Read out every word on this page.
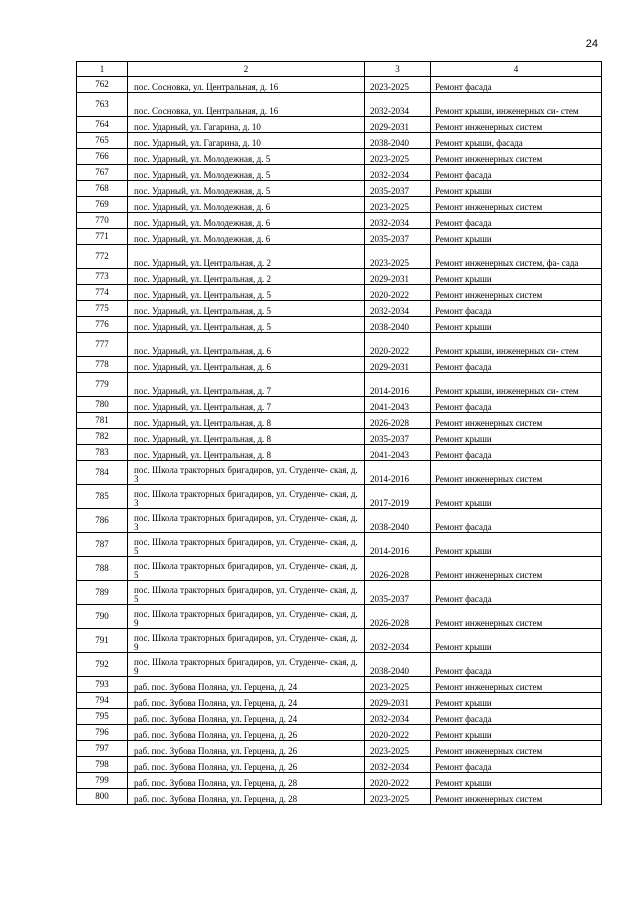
24
1	2	3	4
762	пос. Сосновка, ул. Центральная, д. 16	2023-2025	Ремонт фасада
763	пос. Сосновка, ул. Центральная, д. 16	2032-2034	Ремонт крыши, инженерных си- стем
764	пос. Ударный, ул. Гагарина, д. 10	2029-2031	Ремонт инженерных систем
765	пос. Ударный, ул. Гагарина, д. 10	2038-2040	Ремонт крыши, фасада
766	пос. Ударный, ул. Молодежная, д. 5	2023-2025	Ремонт инженерных систем
767	пос. Ударный, ул. Молодежная, д. 5	2032-2034	Ремонт фасада
768	пос. Ударный, ул. Молодежная, д. 5	2035-2037	Ремонт крыши
769	пос. Ударный, ул. Молодежная, д. 6	2023-2025	Ремонт инженерных систем
770	пос. Ударный, ул. Молодежная, д. 6	2032-2034	Ремонт фасада
771	пос. Ударный, ул. Молодежная, д. 6	2035-2037	Ремонт крыши
772	пос. Ударный, ул. Центральная, д. 2	2023-2025	Ремонт инженерных систем, фа- сада
773	пос. Ударный, ул. Центральная, д. 2	2029-2031	Ремонт крыши
774	пос. Ударный, ул. Центральная, д. 5	2020-2022	Ремонт инженерных систем
775	пос. Ударный, ул. Центральная, д. 5	2032-2034	Ремонт фасада
776	пос. Ударный, ул. Центральная, д. 5	2038-2040	Ремонт крыши
777	пос. Ударный, ул. Центральная, д. 6	2020-2022	Ремонт крыши, инженерных си- стем
778	пос. Ударный, ул. Центральная, д. 6	2029-2031	Ремонт фасада
779	пос. Ударный, ул. Центральная, д. 7	2014-2016	Ремонт крыши, инженерных си- стем
780	пос. Ударный, ул. Центральная, д. 7	2041-2043	Ремонт фасада
781	пос. Ударный, ул. Центральная, д. 8	2026-2028	Ремонт инженерных систем
782	пос. Ударный, ул. Центральная, д. 8	2035-2037	Ремонт крыши
783	пос. Ударный, ул. Центральная, д. 8	2041-2043	Ремонт фасада
784	пос. Школа тракторных бригадиров, ул. Студенче- ская, д. 3	2014-2016	Ремонт инженерных систем
785	пос. Школа тракторных бригадиров, ул. Студенче- ская, д. 3	2017-2019	Ремонт крыши
786	пос. Школа тракторных бригадиров, ул. Студенче- ская, д. 3	2038-2040	Ремонт фасада
787	пос. Школа тракторных бригадиров, ул. Студенче- ская, д. 5	2014-2016	Ремонт крыши
788	пос. Школа тракторных бригадиров, ул. Студенче- ская, д. 5	2026-2028	Ремонт инженерных систем
789	пос. Школа тракторных бригадиров, ул. Студенче- ская, д. 5	2035-2037	Ремонт фасада
790	пос. Школа тракторных бригадиров, ул. Студенче- ская, д. 9	2026-2028	Ремонт инженерных систем
791	пос. Школа тракторных бригадиров, ул. Студенче- ская, д. 9	2032-2034	Ремонт крыши
792	пос. Школа тракторных бригадиров, ул. Студенче- ская, д. 9	2038-2040	Ремонт фасада
793	раб. пос. Зубова Поляна, ул. Герцена, д. 24	2023-2025	Ремонт инженерных систем
794	раб. пос. Зубова Поляна, ул. Герцена, д. 24	2029-2031	Ремонт крыши
795	раб. пос. Зубова Поляна, ул. Герцена, д. 24	2032-2034	Ремонт фасада
796	раб. пос. Зубова Поляна, ул. Герцена, д. 26	2020-2022	Ремонт крыши
797	раб. пос. Зубова Поляна, ул. Герцена, д. 26	2023-2025	Ремонт инженерных систем
798	раб. пос. Зубова Поляна, ул. Герцена, д. 26	2032-2034	Ремонт фасада
799	раб. пос. Зубова Поляна, ул. Герцена, д. 28	2020-2022	Ремонт крыши
800	раб. пос. Зубова Поляна, ул. Герцена, д. 28	2023-2025	Ремонт инженерных систем
